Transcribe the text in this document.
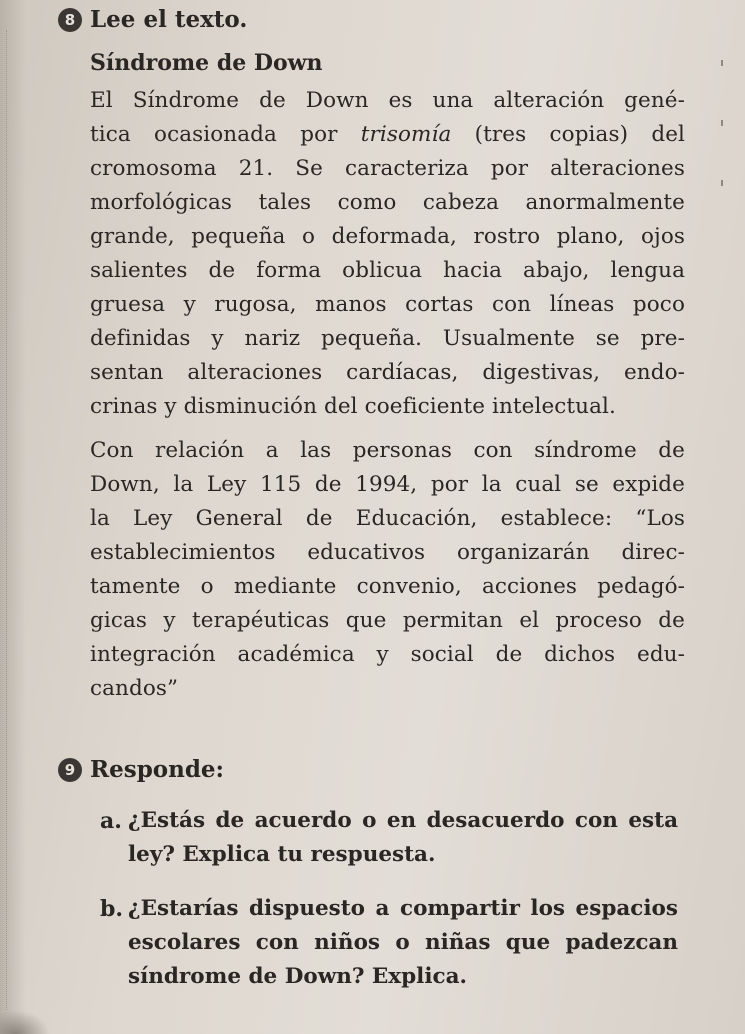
8 Lee el texto.
Síndrome de Down
El Síndrome de Down es una alteración gené-
tica ocasionada por trisomía (tres copias) del
cromosoma 21. Se caracteriza por alteraciones
morfológicas tales como cabeza anormalmente
grande, pequeña o deformada, rostro plano, ojos
salientes de forma oblicua hacia abajo, lengua
gruesa y rugosa, manos cortas con líneas poco
definidas y nariz pequeña. Usualmente se pre-
sentan alteraciones cardíacas, digestivas, endo-
crinas y disminución del coeficiente intelectual.
Con relación a las personas con síndrome de
Down, la Ley 115 de 1994, por la cual se expide
la Ley General de Educación, establece: “Los
establecimientos educativos organizarán direc-
tamente o mediante convenio, acciones pedagó-
gicas y terapéuticas que permitan el proceso de
integración académica y social de dichos edu-
candos”
9 Responde:
a. ¿Estás de acuerdo o en desacuerdo con esta
ley? Explica tu respuesta.
b. ¿Estarías dispuesto a compartir los espacios
escolares con niños o niñas que padezcan
síndrome de Down? Explica.
